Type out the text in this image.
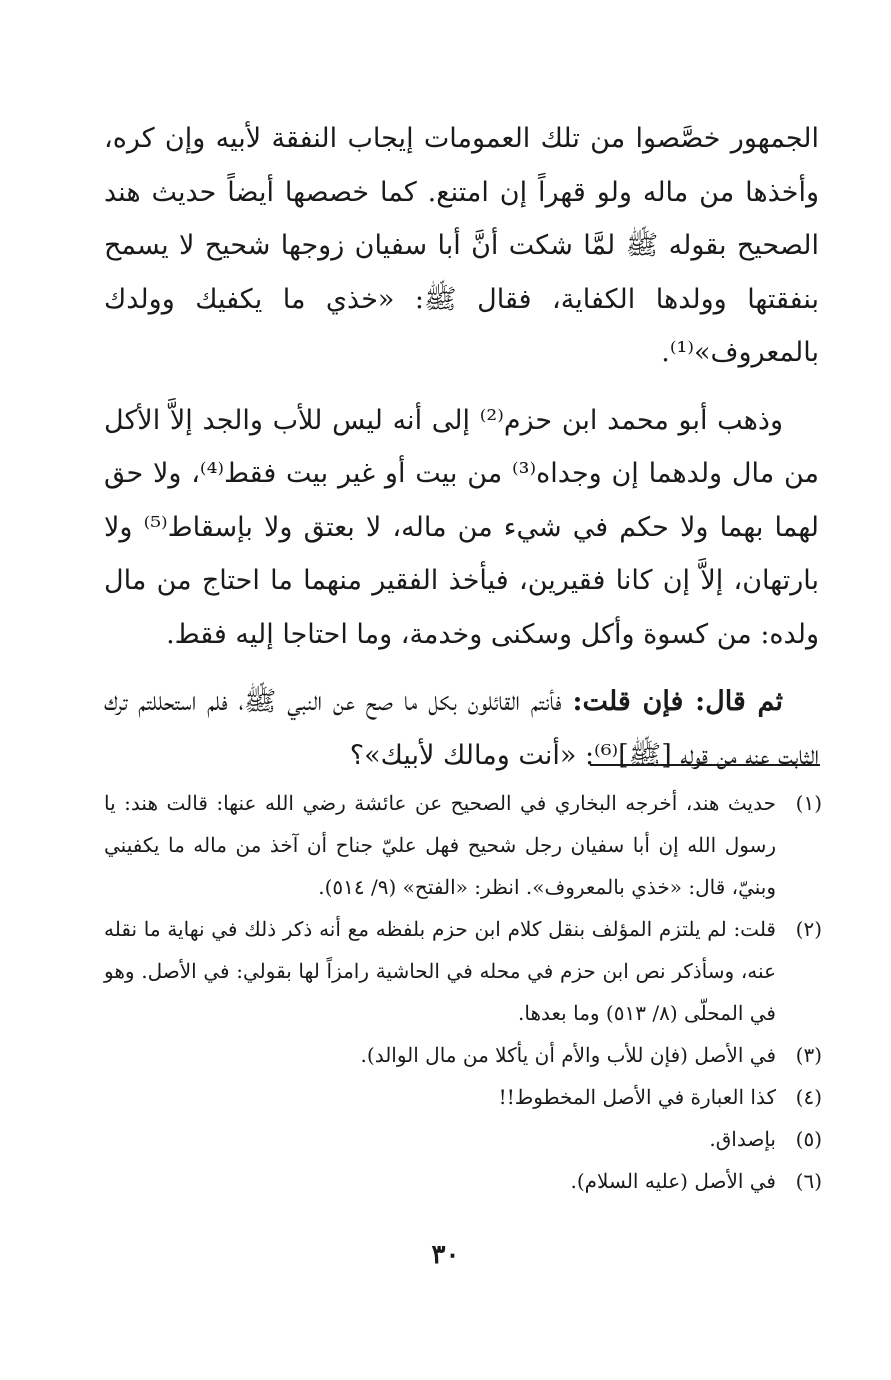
الجمهور خصَّصوا من تلك العمومات إيجاب النفقة لأبيه وإن كره، وأخذها من ماله ولو قهراً إن امتنع. كما خصصها أيضاً حديث هند الصحيح بقوله ﷺ لمَّا شكت أنَّ أبا سفيان زوجها شحيح لا يسمح بنفقتها وولدها الكفاية، فقال ﷺ: «خذي ما يكفيك وولدك بالمعروف»⁽¹⁾.

وذهب أبو محمد ابن حزم⁽²⁾ إلى أنه ليس للأب والجد إلاَّ الأكل من مال ولدهما إن وجداه⁽³⁾ من بيت أو غير بيت فقط⁽⁴⁾، ولا حق لهما بهما ولا حكم في شيء من ماله، لا بعتق ولا بإسقاط⁽⁵⁾ ولا بارتهان، إلاَّ إن كانا فقيرين، فيأخذ الفقير منهما ما احتاج من مال ولده: من كسوة وأكل وسكنى وخدمة، وما احتاجا إليه فقط.

ثم قال: فإن قلت: فأنتم القائلون بكل ما صح عن النبي ﷺ، فلم استحللتم ترك الثابت عنه من قوله [ﷺ]⁽⁶⁾: «أنت ومالك لأبيك»؟

(١)
حديث هند، أخرجه البخاري في الصحيح عن عائشة رضي الله عنها: قالت هند: يا رسول الله إن أبا سفيان رجل شحيح فهل عليّ جناح أن آخذ من ماله ما يكفيني وبنيّ، قال: «خذي بالمعروف». انظر: «الفتح» (٩/ ٥١٤).
(٢)
قلت: لم يلتزم المؤلف بنقل كلام ابن حزم بلفظه مع أنه ذكر ذلك في نهاية ما نقله عنه، وسأذكر نص ابن حزم في محله في الحاشية رامزاً لها بقولي: في الأصل. وهو في المحلّى (٨/ ٥١٣) وما بعدها.
(٣)
في الأصل (فإن للأب والأم أن يأكلا من مال الوالد).
(٤)
كذا العبارة في الأصل المخطوط!!
(٥)
بإصداق.
(٦)
في الأصل (عليه السلام).
٣٠
